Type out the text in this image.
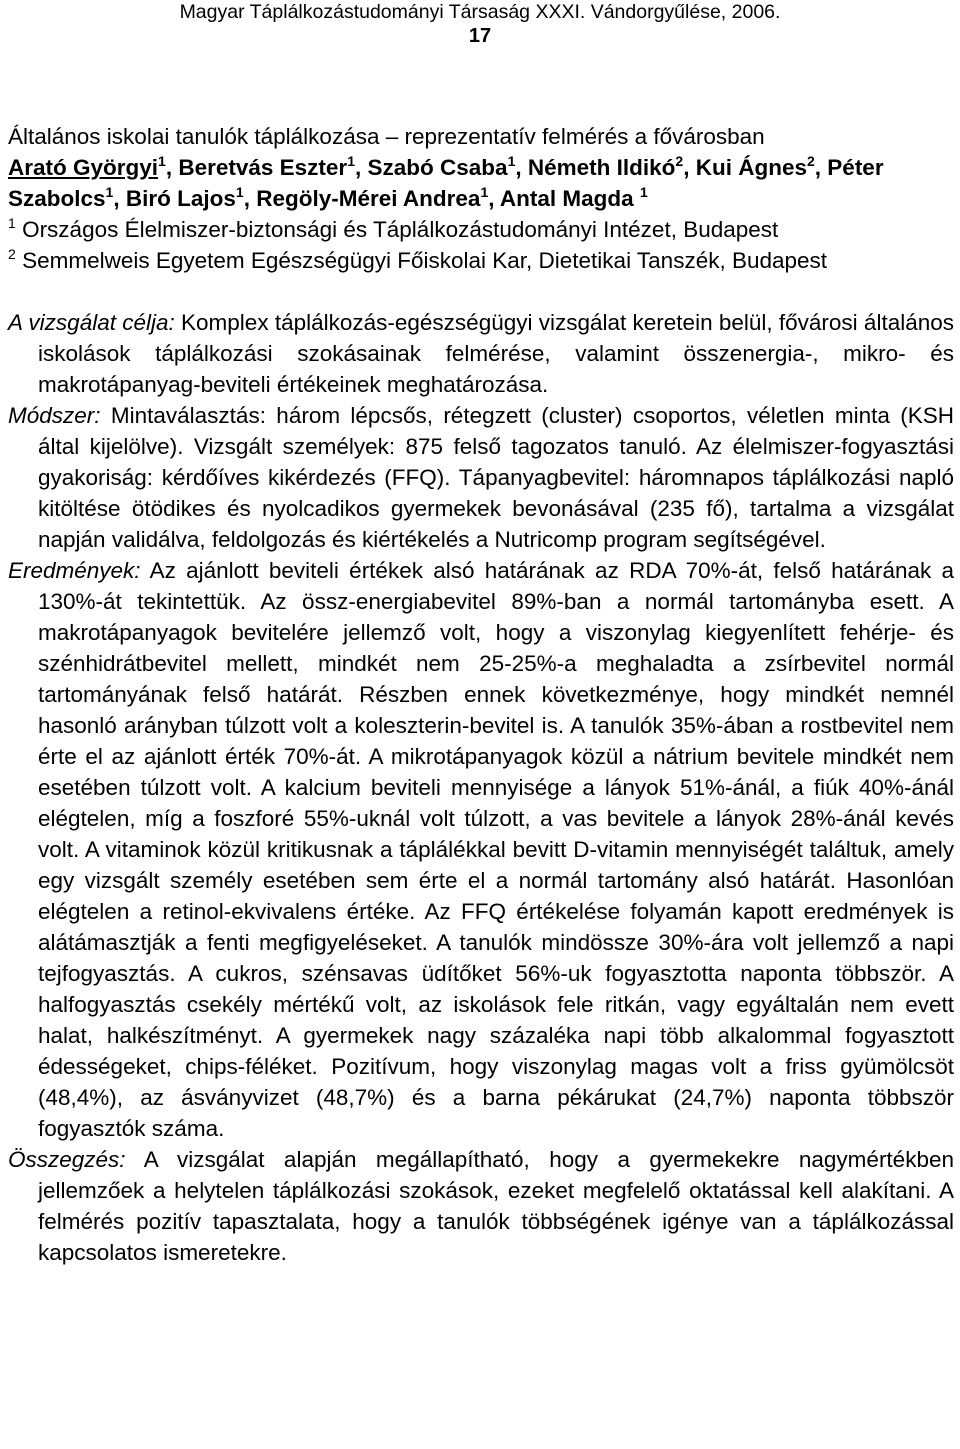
Magyar Táplálkozástudományi Társaság XXXI. Vándorgyűlése, 2006.
17
Általános iskolai tanulók táplálkozása – reprezentatív felmérés a fővárosban

Arató Györgyi$^1$, Beretvás Eszter$^1$, Szabó Csaba$^1$, Németh Ildikó$^2$, Kui Ágnes$^2$, Péter Szabolcs$^1$, Biró Lajos$^1$, Regöly-Mérei Andrea$^1$, Antal Magda $^1$

$^1$ Országos Élelmiszer-biztonsági és Táplálkozástudományi Intézet, Budapest

$^2$ Semmelweis Egyetem Egészségügyi Főiskolai Kar, Dietetikai Tanszék, Budapest

A vizsgálat célja: Komplex táplálkozás-egészségügyi vizsgálat keretein belül, fővárosi általános iskolások táplálkozási szokásainak felmérése, valamint összenergia-, mikro- és makrotápanyag-beviteli értékeinek meghatározása.

Módszer: Mintaválasztás: három lépcsős, rétegzett (cluster) csoportos, véletlen minta (KSH által kijelölve). Vizsgált személyek: 875 felső tagozatos tanuló. Az élelmiszer-fogyasztási gyakoriság: kérdőíves kikérdezés (FFQ). Tápanyagbevitel: háromnapos táplálkozási napló kitöltése ötödikes és nyolcadikos gyermekek bevonásával (235 fő), tartalma a vizsgálat napján validálva, feldolgozás és kiértékelés a Nutricomp program segítségével.

Eredmények: Az ajánlott beviteli értékek alsó határának az RDA 70%-át, felső határának a 130%-át tekintettük. Az össz-energiabevitel 89%-ban a normál tartományba esett. A makrotápanyagok bevitelére jellemző volt, hogy a viszonylag kiegyenlített fehérje- és szénhidrátbevitel mellett, mindkét nem 25-25%-a meghaladta a zsírbevitel normál tartományának felső határát. Részben ennek következménye, hogy mindkét nemnél hasonló arányban túlzott volt a koleszterin-bevitel is. A tanulók 35%-ában a rostbevitel nem érte el az ajánlott érték 70%-át. A mikrotápanyagok közül a nátrium bevitele mindkét nem esetében túlzott volt. A kalcium beviteli mennyisége a lányok 51%-ánál, a fiúk 40%-ánál elégtelen, míg a foszforé 55%-uknál volt túlzott, a vas bevitele a lányok 28%-ánál kevés volt. A vitaminok közül kritikusnak a táplálékkal bevitt D-vitamin mennyiségét találtuk, amely egy vizsgált személy esetében sem érte el a normál tartomány alsó határát. Hasonlóan elégtelen a retinol-ekvivalens értéke. Az FFQ értékelése folyamán kapott eredmények is alátámasztják a fenti megfigyeléseket. A tanulók mindössze 30%-ára volt jellemző a napi tejfogyasztás. A cukros, szénsavas üdítőket 56%-uk fogyasztotta naponta többször. A halfogyasztás csekély mértékű volt, az iskolások fele ritkán, vagy egyáltalán nem evett halat, halkészítményt. A gyermekek nagy százaléka napi több alkalommal fogyasztott édességeket, chips-féléket. Pozitívum, hogy viszonylag magas volt a friss gyümölcsöt (48,4%), az ásványvizet (48,7%) és a barna pékárukat (24,7%) naponta többször fogyasztók száma.

Összegzés: A vizsgálat alapján megállapítható, hogy a gyermekekre nagymértékben jellemzőek a helytelen táplálkozási szokások, ezeket megfelelő oktatással kell alakítani. A felmérés pozitív tapasztalata, hogy a tanulók többségének igénye van a táplálkozással kapcsolatos ismeretekre.
